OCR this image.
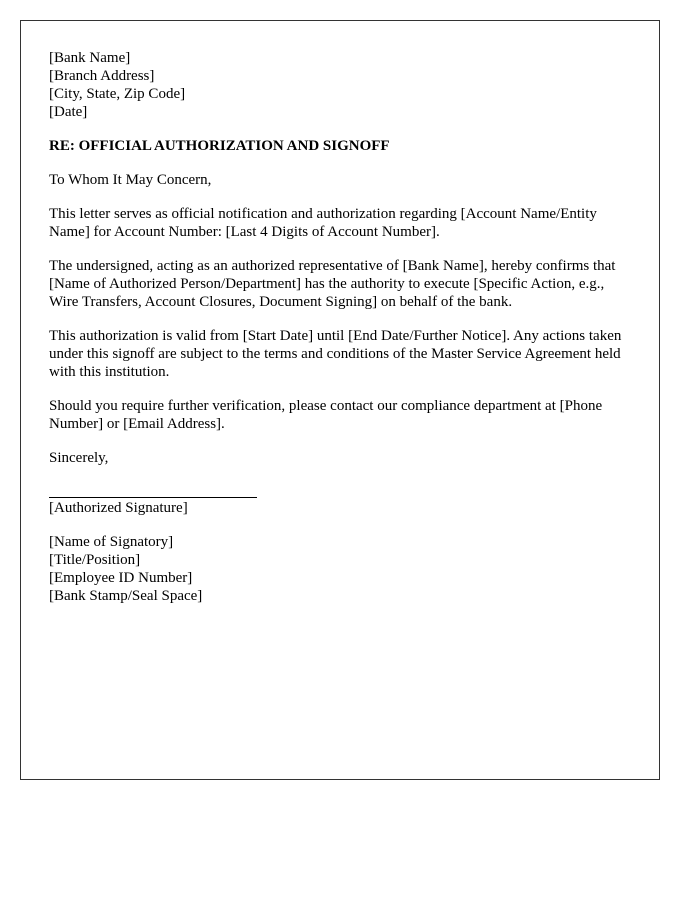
[Bank Name]
[Branch Address]
[City, State, Zip Code]
[Date]
RE: OFFICIAL AUTHORIZATION AND SIGNOFF
To Whom It May Concern,
This letter serves as official notification and authorization regarding [Account Name/Entity Name] for Account Number: [Last 4 Digits of Account Number].
The undersigned, acting as an authorized representative of [Bank Name], hereby confirms that [Name of Authorized Person/Department] has the authority to execute [Specific Action, e.g., Wire Transfers, Account Closures, Document Signing] on behalf of the bank.
This authorization is valid from [Start Date] until [End Date/Further Notice]. Any actions taken under this signoff are subject to the terms and conditions of the Master Service Agreement held with this institution.
Should you require further verification, please contact our compliance department at [Phone Number] or [Email Address].
Sincerely,
[Authorized Signature]
[Name of Signatory]
[Title/Position]
[Employee ID Number]
[Bank Stamp/Seal Space]
